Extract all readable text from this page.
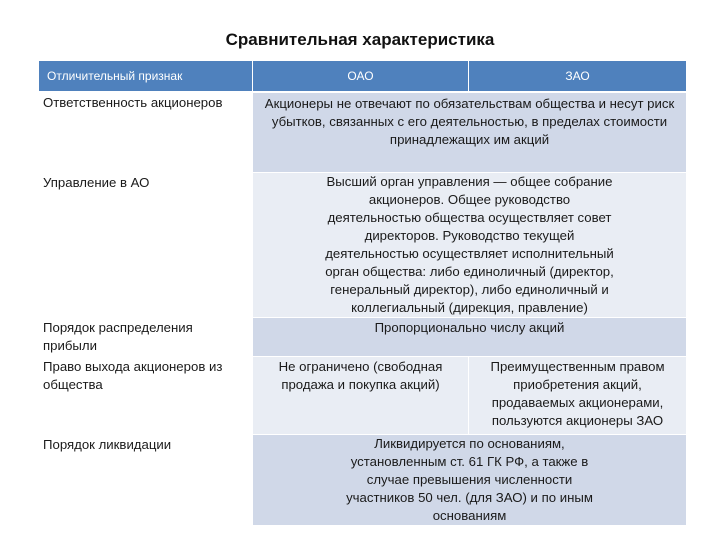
Сравнительная характеристика
Отличительный признак	ОАО	ЗАО
Ответственность акционеров	Акционеры не отвечают по обязательствам общества и несут риск убытков, связанных с его деятельностью, в пределах стоимости принадлежащих им акций	
Управление в АО	Высший орган управления — общее собрание акционеров. Общее руководство деятельностью общества осуществляет совет директоров. Руководство текущей деятельностью осуществляет исполнительный орган общества: либо единоличный (директор, генеральный директор), либо единоличный и коллегиальный (дирекция, правление)	
Порядок распределения прибыли	Пропорционально числу акций	
Право выхода акционеров из общества	Не ограничено (свободная продажа и покупка акций)	Преимущественным правом приобретения акций, продаваемых акционерами, пользуются акционеры ЗАО
Порядок ликвидации	Ликвидируется по основаниям, установленным ст. 61 ГК РФ, а также в случае превышения численности участников 50 чел. (для ЗАО) и по иным основаниям	
